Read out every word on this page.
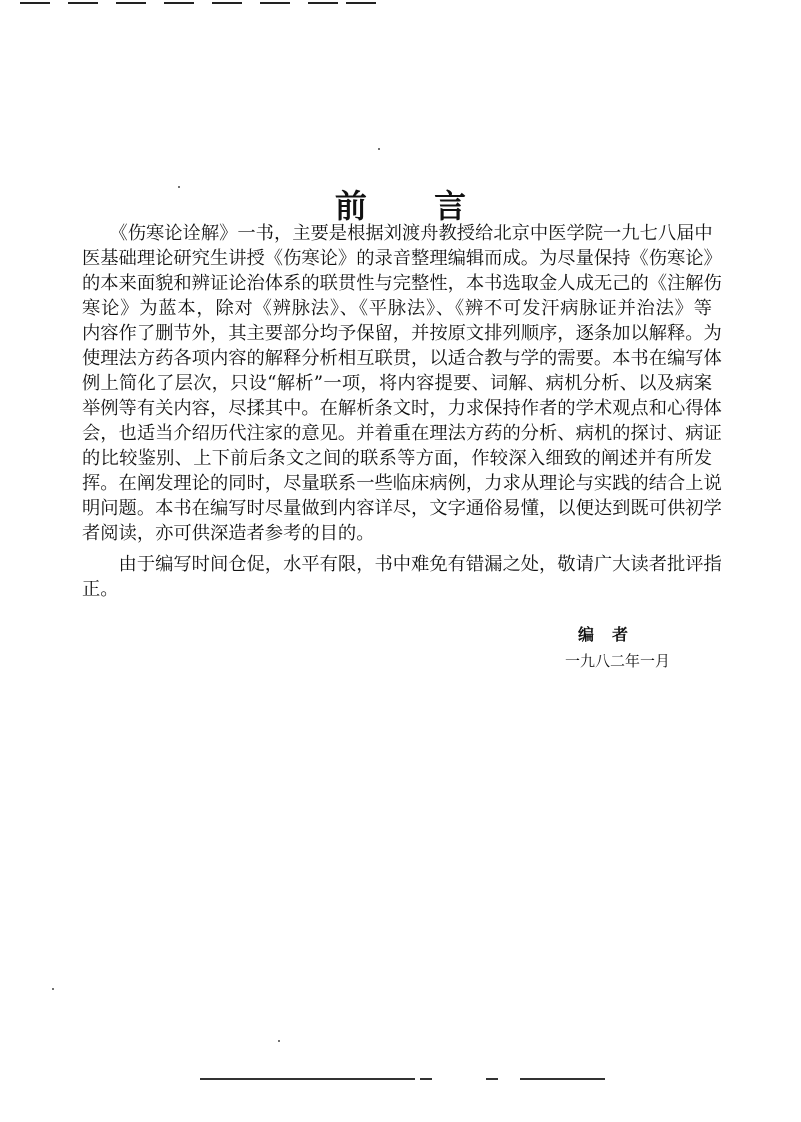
前 言
　　《伤寒论诠解》一书，主要是根据刘渡舟教授给北京中医学院一九七八届中
医基础理论研究生讲授《伤寒论》的录音整理编辑而成。为尽量保持《伤寒论》
的本来面貌和辨证论治体系的联贯性与完整性，本书选取金人成无己的《注解伤
寒论》为蓝本，除对《辨脉法》、《平脉法》、《辨不可发汗病脉证并治法》等
内容作了删节外，其主要部分均予保留，并按原文排列顺序，逐条加以解释。为
使理法方药各项内容的解释分析相互联贯，以适合教与学的需要。本书在编写体
例上简化了层次，只设“解析”一项，将内容提要、词解、病机分析、以及病案
举例等有关内容，尽揉其中。在解析条文时，力求保持作者的学术观点和心得体
会，也适当介绍历代注家的意见。并着重在理法方药的分析、病机的探讨、病证
的比较鉴别、上下前后条文之间的联系等方面，作较深入细致的阐述并有所发
挥。在阐发理论的同时，尽量联系一些临床病例，力求从理论与实践的结合上说
明问题。本书在编写时尽量做到内容详尽，文字通俗易懂，以便达到既可供初学
者阅读，亦可供深造者参考的目的。
　　由于编写时间仓促，水平有限，书中难免有错漏之处，敬请广大读者批评指
正。
编者
一九八二年一月
